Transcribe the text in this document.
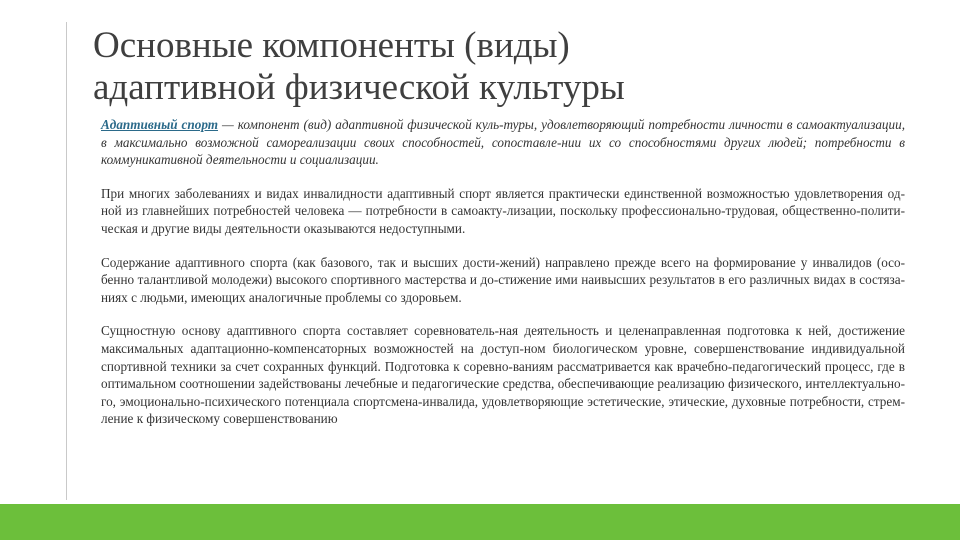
Основные компоненты (виды)
адаптивной физической культуры

Адаптивный спорт — компонент (вид) адаптивной физической куль-туры, удовлетворяющий потребности личности в самоактуализации, в максимально возможной самореализации своих способностей, сопоставле-нии их со способностями других людей; потребности в коммуникативной деятельности и социализации.

При многих заболеваниях и видах инвалидности адаптивный спорт является практически единственной возможностью удовлетворения од-ной из главнейших потребностей человека — потребности в самоакту-лизации, поскольку профессионально-трудовая, общественно-полити-ческая и другие виды деятельности оказываются недоступными.

Содержание адаптивного спорта (как базового, так и высших дости-жений) направлено прежде всего на формирование у инвалидов (осо-бенно талантливой молодежи) высокого спортивного мастерства и до-стижение ими наивысших результатов в его различных видах в состяза-ниях с людьми, имеющих аналогичные проблемы со здоровьем.

Сущностную основу адаптивного спорта составляет соревнователь-ная деятельность и целенаправленная подготовка к ней, достижение максимальных адаптационно-компенсаторных возможностей на доступ-ном биологическом уровне, совершенствование индивидуальной спортивной техники за счет сохранных функций. Подготовка к соревно-ваниям рассматривается как врачебно-педагогический процесс, где в оптимальном соотношении задействованы лечебные и педагогические средства, обеспечивающие реализацию физического, интеллектуально-го, эмоционально-психического потенциала спортсмена-инвалида, удовлетворяющие эстетические, этические, духовные потребности, стрем-ление к физическому совершенствованию
